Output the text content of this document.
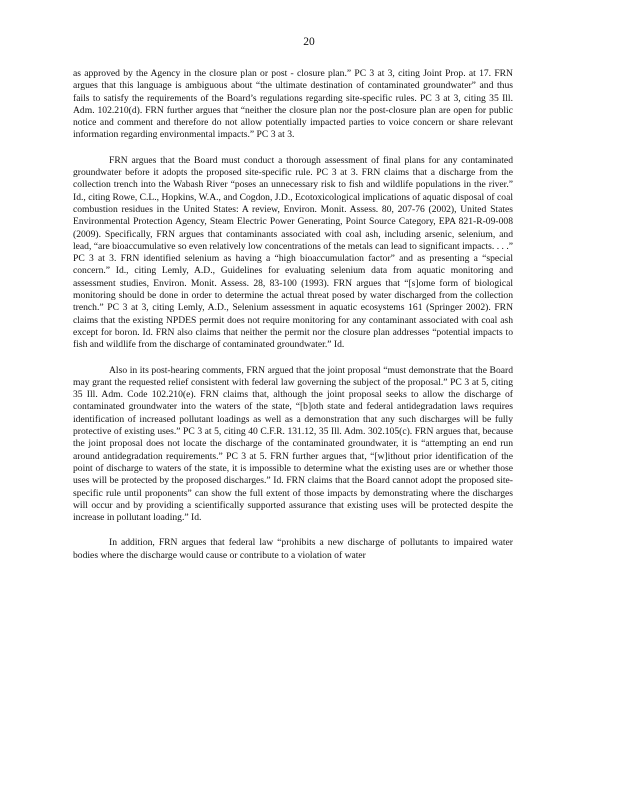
20

as approved by the Agency in the closure plan or post - closure plan.” PC 3 at 3, citing Joint Prop. at 17. FRN argues that this language is ambiguous about “the ultimate destination of contaminated groundwater” and thus fails to satisfy the requirements of the Board’s regulations regarding site-specific rules. PC 3 at 3, citing 35 Ill. Adm. 102.210(d). FRN further argues that “neither the closure plan nor the post-closure plan are open for public notice and comment and therefore do not allow potentially impacted parties to voice concern or share relevant information regarding environmental impacts.” PC 3 at 3.

FRN argues that the Board must conduct a thorough assessment of final plans for any contaminated groundwater before it adopts the proposed site-specific rule. PC 3 at 3. FRN claims that a discharge from the collection trench into the Wabash River “poses an unnecessary risk to fish and wildlife populations in the river.” Id., citing Rowe, C.L., Hopkins, W.A., and Cogdon, J.D., Ecotoxicological implications of aquatic disposal of coal combustion residues in the United States: A review, Environ. Monit. Assess. 80, 207-76 (2002), United States Environmental Protection Agency, Steam Electric Power Generating, Point Source Category, EPA 821-R-09-008 (2009). Specifically, FRN argues that contaminants associated with coal ash, including arsenic, selenium, and lead, “are bioaccumulative so even relatively low concentrations of the metals can lead to significant impacts. . . .” PC 3 at 3. FRN identified selenium as having a “high bioaccumulation factor” and as presenting a “special concern.” Id., citing Lemly, A.D., Guidelines for evaluating selenium data from aquatic monitoring and assessment studies, Environ. Monit. Assess. 28, 83-100 (1993). FRN argues that “[s]ome form of biological monitoring should be done in order to determine the actual threat posed by water discharged from the collection trench.” PC 3 at 3, citing Lemly, A.D., Selenium assessment in aquatic ecosystems 161 (Springer 2002). FRN claims that the existing NPDES permit does not require monitoring for any contaminant associated with coal ash except for boron. Id. FRN also claims that neither the permit nor the closure plan addresses “potential impacts to fish and wildlife from the discharge of contaminated groundwater.” Id.

Also in its post-hearing comments, FRN argued that the joint proposal “must demonstrate that the Board may grant the requested relief consistent with federal law governing the subject of the proposal.” PC 3 at 5, citing 35 Ill. Adm. Code 102.210(e). FRN claims that, although the joint proposal seeks to allow the discharge of contaminated groundwater into the waters of the state, “[b]oth state and federal antidegradation laws requires identification of increased pollutant loadings as well as a demonstration that any such discharges will be fully protective of existing uses.” PC 3 at 5, citing 40 C.F.R. 131.12, 35 Ill. Adm. 302.105(c). FRN argues that, because the joint proposal does not locate the discharge of the contaminated groundwater, it is “attempting an end run around antidegradation requirements.” PC 3 at 5. FRN further argues that, “[w]ithout prior identification of the point of discharge to waters of the state, it is impossible to determine what the existing uses are or whether those uses will be protected by the proposed discharges.” Id. FRN claims that the Board cannot adopt the proposed site-specific rule until proponents” can show the full extent of those impacts by demonstrating where the discharges will occur and by providing a scientifically supported assurance that existing uses will be protected despite the increase in pollutant loading.” Id.

In addition, FRN argues that federal law “prohibits a new discharge of pollutants to impaired water bodies where the discharge would cause or contribute to a violation of water
